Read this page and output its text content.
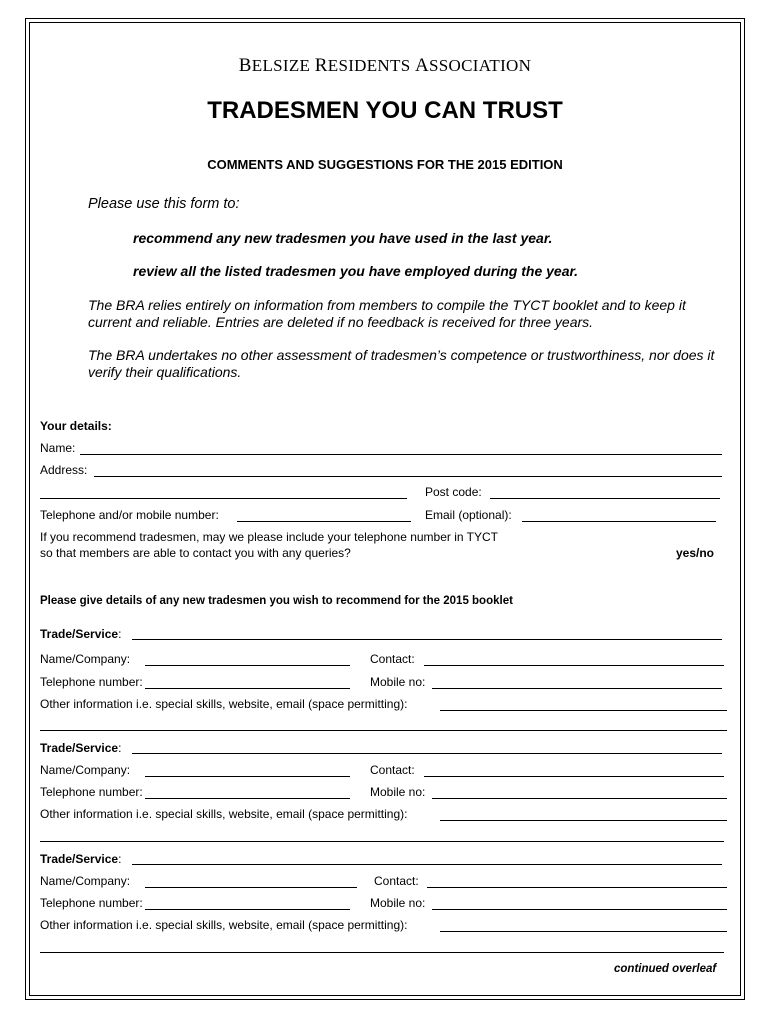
BELSIZE RESIDENTS ASSOCIATION
TRADESMEN YOU CAN TRUST
COMMENTS AND SUGGESTIONS FOR THE 2015 EDITION
Please use this form to:
recommend any new tradesmen you have used in the last year.
review all the listed tradesmen you have employed during the year.
The BRA relies entirely on information from members to compile the TYCT booklet and to keep it current and reliable. Entries are deleted if no feedback is received for three years.
The BRA undertakes no other assessment of tradesmen’s competence or trustworthiness, nor does it verify their qualifications.
Your details:
Name:
Address:
Post code:
Telephone and/or mobile number:	Email (optional):
If you recommend tradesmen, may we please include your telephone number in TYCT
so that members are able to contact you with any queries?	yes/no
Please give details of any new tradesmen you wish to recommend for the 2015 booklet
Trade/Service:
Name/Company:	Contact:
Telephone number:	Mobile no:
Other information i.e. special skills, website, email (space permitting):
Trade/Service:
Name/Company:	Contact:
Telephone number:	Mobile no:
Other information i.e. special skills, website, email (space permitting):
Trade/Service:
Name/Company:	Contact:
Telephone number:	Mobile no:
Other information i.e. special skills, website, email (space permitting):
continued overleaf
